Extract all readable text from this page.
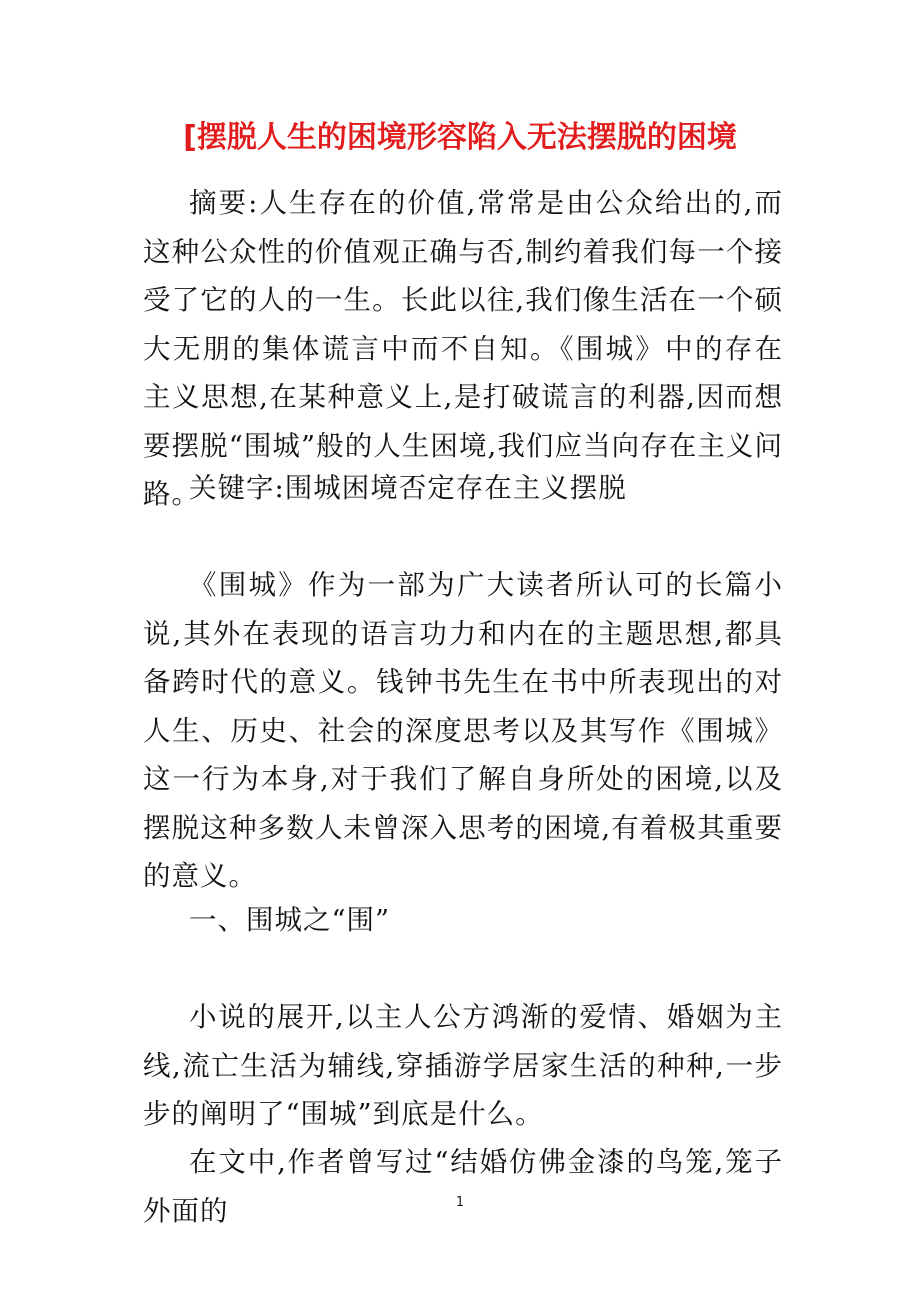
[摆脱人生的困境形容陷入无法摆脱的困境

摘要:人生存在的价值,常常是由公众给出的,而这种公众性的价值观正确与否,制约着我们每一个接受了它的人的一生。长此以往,我们像生活在一个硕大无朋的集体谎言中而不自知。《围城》中的存在主义思想,在某种意义上,是打破谎言的利器,因而想要摆脱“围城”般的人生困境,我们应当向存在主义问路。

关键字:围城困境否定存在主义摆脱

《围城》作为一部为广大读者所认可的长篇小说,其外在表现的语言功力和内在的主题思想,都具备跨时代的意义。钱钟书先生在书中所表现出的对人生、历史、社会的深度思考以及其写作《围城》这一行为本身,对于我们了解自身所处的困境,以及摆脱这种多数人未曾深入思考的困境,有着极其重要的意义。

一、围城之“围”

小说的展开,以主人公方鸿渐的爱情、婚姻为主线,流亡生活为辅线,穿插游学居家生活的种种,一步步的阐明了“围城”到底是什么。

在文中,作者曾写过“结婚仿佛金漆的鸟笼,笼子外面的	1
